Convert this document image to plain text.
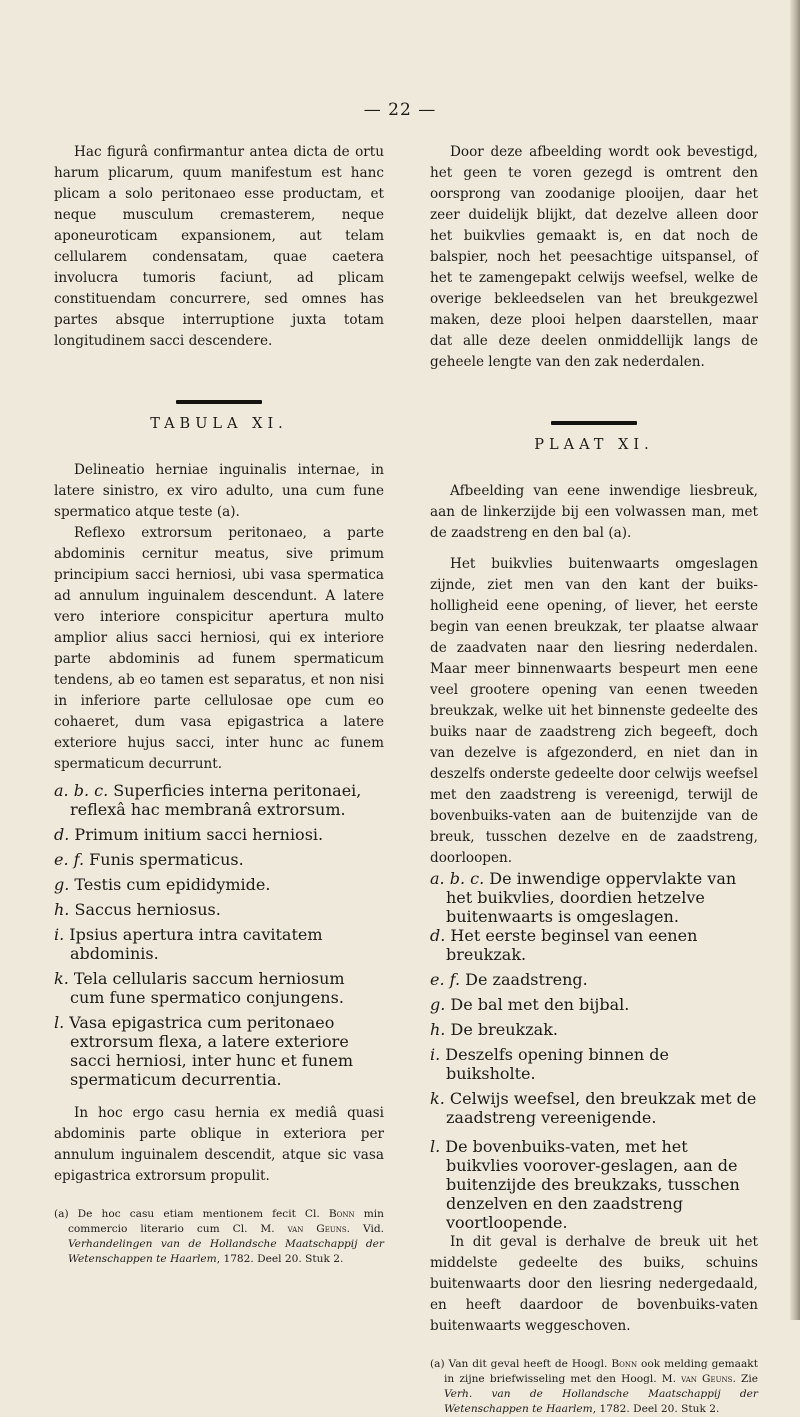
— 22 —

Hac figurâ confirmantur antea dicta de ortu harum plicarum, quum manifestum est hanc plicam a solo peritonaeo esse productam, et neque musculum cremasterem, neque aponeuroticam expansionem, aut telam cellularem condensatam, quae caetera involucra tumoris faciunt, ad plicam constituendam concurrere, sed omnes has partes absque interruptione juxta totam longitudinem sacci descendere.

TABULA XI.

Delineatio herniae inguinalis internae, in latere sinistro, ex viro adulto, una cum fune spermatico atque teste (a).

Reflexo extrorsum peritonaeo, a parte abdominis cernitur meatus, sive primum principium sacci herniosi, ubi vasa spermatica ad annulum inguinalem descendunt. A latere vero interiore conspicitur apertura multo amplior alius sacci herniosi, qui ex interiore parte abdominis ad funem spermaticum tendens, ab eo tamen est separatus, et non nisi in inferiore parte cellulosae ope cum eo cohaeret, dum vasa epigastrica a latere exteriore hujus sacci, inter hunc ac funem spermaticum decurrunt.

a. b. c. Superficies interna peritonaei, reflexâ hac membranâ extrorsum.
d. Primum initium sacci herniosi.
e. f. Funis spermaticus.
g. Testis cum epididymide.
h. Saccus herniosus.
i. Ipsius apertura intra cavitatem abdominis.
k. Tela cellularis saccum herniosum cum fune spermatico conjungens.
l. Vasa epigastrica cum peritonaeo extrorsum flexa, a latere exteriore sacci herniosi, inter hunc et funem spermaticum decurrentia.

In hoc ergo casu hernia ex mediâ quasi abdominis parte oblique in exteriora per annulum inguinalem descendit, atque sic vasa epigastrica extrorsum propulit.

(a) De hoc casu etiam mentionem fecit Cl. Bonn min commercio literario cum Cl. M. van Geuns. Vid. Verhandelingen van de Hollandsche Maatschappij der Wetenschappen te Haarlem, 1782. Deel 20. Stuk 2.

Door deze afbeelding wordt ook bevestigd, het geen te voren gezegd is omtrent den oorsprong van zoodanige plooijen, daar het zeer duidelijk blijkt, dat dezelve alleen door het buikvlies gemaakt is, en dat noch de balspier, noch het peesachtige uitspansel, of het te zamengepakt celwijs weefsel, welke de overige bekleedselen van het breukgezwel maken, deze plooi helpen daarstellen, maar dat alle deze deelen onmiddellijk langs de geheele lengte van den zak nederdalen.

PLAAT XI.

Afbeelding van eene inwendige liesbreuk, aan de linkerzijde bij een volwassen man, met de zaadstreng en den bal (a).

Het buikvlies buitenwaarts omgeslagen zijnde, ziet men van den kant der buiks-holligheid eene opening, of liever, het eerste begin van eenen breukzak, ter plaatse alwaar de zaadvaten naar den liesring nederdalen. Maar meer binnenwaarts bespeurt men eene veel grootere opening van eenen tweeden breukzak, welke uit het binnenste gedeelte des buiks naar de zaadstreng zich begeeft, doch van dezelve is afgezonderd, en niet dan in deszelfs onderste gedeelte door celwijs weefsel met den zaadstreng is vereenigd, terwijl de bovenbuiks-vaten aan de buitenzijde van de breuk, tusschen dezelve en de zaadstreng, doorloopen.

a. b. c. De inwendige oppervlakte van het buikvlies, doordien hetzelve buitenwaarts is omgeslagen.
d. Het eerste beginsel van eenen breukzak.
e. f. De zaadstreng.
g. De bal met den bijbal.
h. De breukzak.
i. Deszelfs opening binnen de buiksholte.
k. Celwijs weefsel, den breukzak met de zaadstreng vereenigende.
l. De bovenbuiks-vaten, met het buikvlies voorover-geslagen, aan de buitenzijde des breukzaks, tusschen denzelven en den zaadstreng voortloopende.

In dit geval is derhalve de breuk uit het middelste gedeelte des buiks, schuins buitenwaarts door den liesring nedergedaald, en heeft daardoor de bovenbuiks-vaten buitenwaarts weggeschoven.

(a) Van dit geval heeft de Hoogl. Bonn ook melding gemaakt in zijne briefwisseling met den Hoogl. M. van Geuns. Zie Verh. van de Hollandsche Maatschappij der Wetenschappen te Haarlem, 1782. Deel 20. Stuk 2.
